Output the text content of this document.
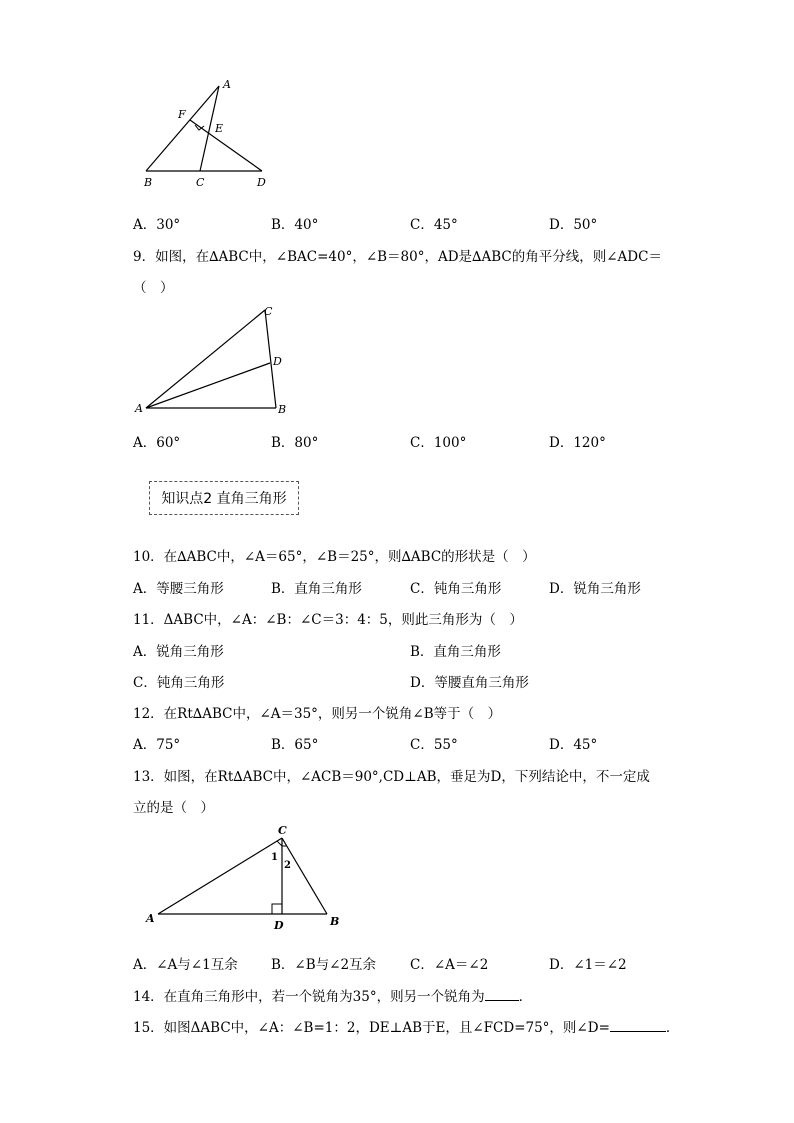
A
F
E
B	C	D
A．30°	B．40°	C．45°	D．50°
9．如图，在∆ABC中，∠BAC=40°，∠B＝80°，AD是∆ABC的角平分线，则∠ADC＝
（　）
C
D
A	B
A．60°	B．80°	C．100°	D．120°
知识点2 直角三角形
10．在∆ABC中，∠A＝65°，∠B＝25°，则∆ABC的形状是（　）
A．等腰三角形	B．直角三角形	C．钝角三角形	D．锐角三角形
11．ΔABC中，∠A：∠B：∠C＝3：4：5，则此三角形为（　）
A．锐角三角形	B．直角三角形
C．钝角三角形	D．等腰直角三角形
12．在Rt∆ABC中，∠A＝35°，则另一个锐角∠B等于（　）
A．75°	B．65°	C．55°	D．45°
13．如图，在Rt∆ABC中，∠ACB＝90°,CD⊥AB，垂足为D，下列结论中，不一定成
立的是（　）
C
1
2
A
D	B
A．∠A与∠1互余 B．∠B与∠2互余	C．∠A＝∠2	D．∠1＝∠2
14．在直角三角形中，若一个锐角为35°，则另一个锐角为	．
15．如图ΔABC中，∠A：∠B=1：2，DE⊥AB于E，且∠FCD=75°，则∠D=	．
